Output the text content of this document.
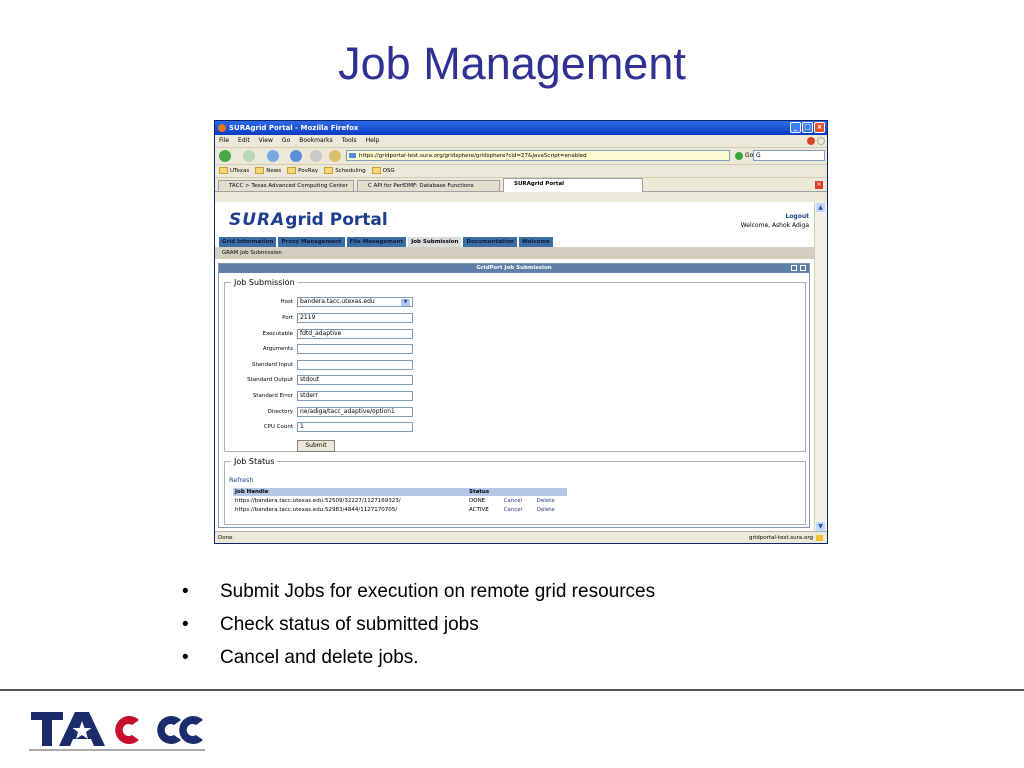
Job Management
SURAgrid Portal - Mozilla Firefox	_ □ ×
File Edit View Go Bookmarks Tools Help
https://gridportal-test.sura.org/gridsphere/gridsphere?cid=27&JavaScript=enabled	Go G
UTexas	News	PovRay	Scheduling	OSG
TACC > Texas Advanced Computing Center	C API for PerfDMF: Database Functions	SURAgrid Portal	×
SURAgrid Portal	Logout
Welcome, Ashok Adiga
Grid Information	Proxy Management	File Management	Job Submission	Documentation	Welcome
GRAM Job Submission
GridPort Job Submission
Job Submission
Host	bandera.tacc.utexas.edu	▼
Port	2119
Executable	fdtd_adaptive
Arguments
Standard Input
Standard Output	stdout
Standard Error	stderr
Directory	ne/adiga/tacc_adaptive/option1
CPU Count	1
Submit
Job Status
Refresh
Job Handle	Status		
https://bandera.tacc.utexas.edu:52509/32227/1127169323/	DONE	Cancel	Delete
https://bandera.tacc.utexas.edu:52983/4844/1127170705/	ACTIVE	Cancel	Delete
▲
▼
Done	gridportal-test.sura.org
• Submit Jobs for execution on remote grid resources
• Check status of submitted jobs
• Cancel and delete jobs.
